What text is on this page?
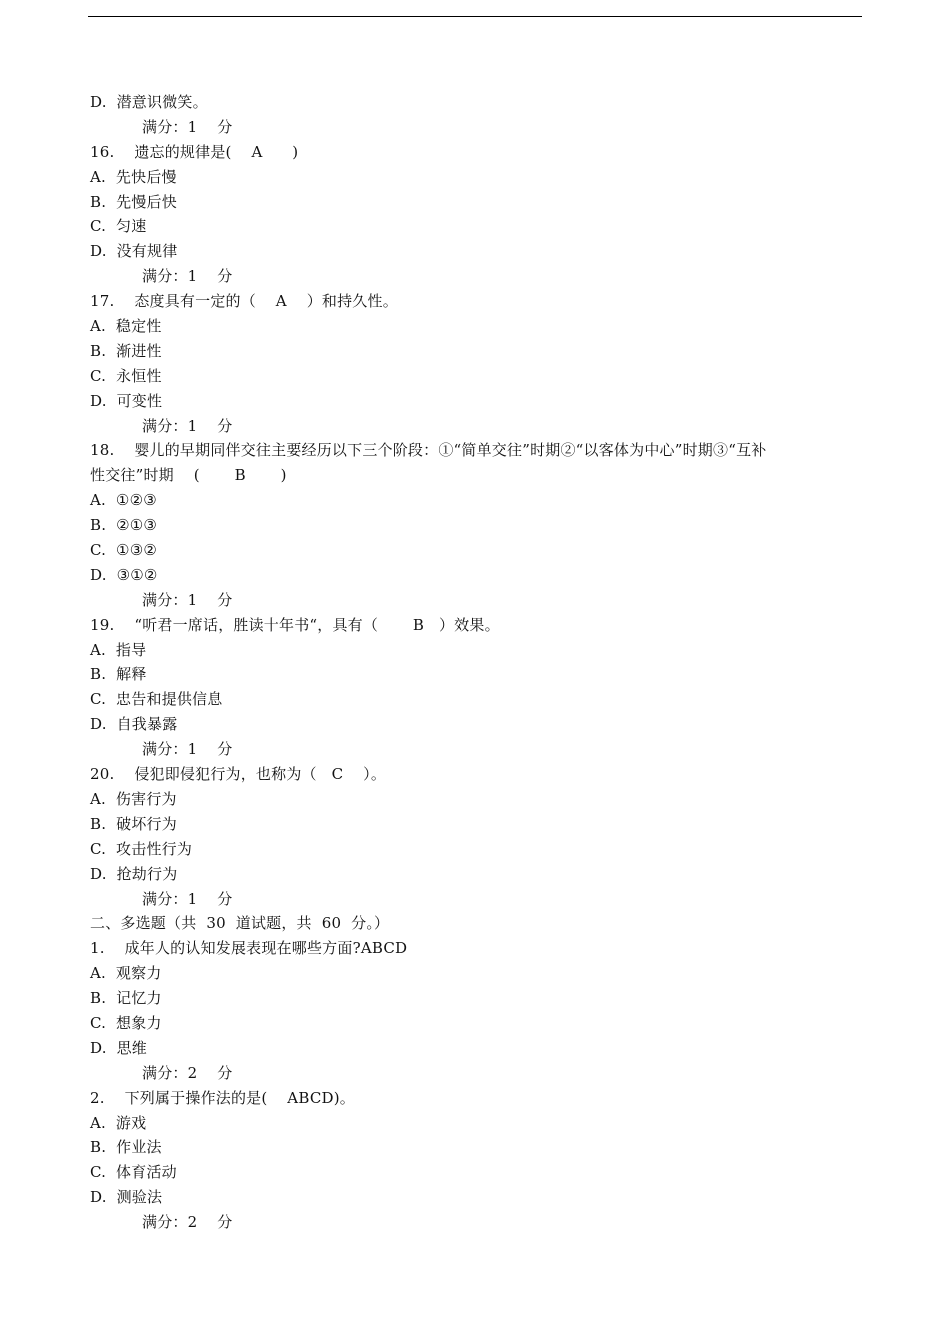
D.  潜意识微笑。
满分：1    分
16.    遗忘的规律是(    A      )
A.  先快后慢
B.  先慢后快
C.  匀速
D.  没有规律
满分：1    分
17.    态度具有一定的（    A    ）和持久性。
A.  稳定性
B.  渐进性
C.  永恒性
D.  可变性
满分：1    分
18.    婴儿的早期同伴交往主要经历以下三个阶段：①“简单交往”时期②“以客体为中心”时期③“互补
性交往”时期    (       B       )
A.  ①②③
B.  ②①③
C.  ①③②
D.  ③①②
满分：1    分
19.    “听君一席话，胜读十年书“，具有（       B   ）效果。
A.  指导
B.  解释
C.  忠告和提供信息
D.  自我暴露
满分：1    分
20.    侵犯即侵犯行为，也称为（   C    ）。
A.  伤害行为
B.  破坏行为
C.  攻击性行为
D.  抢劫行为
满分：1    分
二、多选题（共  30  道试题，共  60  分。）
1.    成年人的认知发展表现在哪些方面?ABCD
A.  观察力
B.  记忆力
C.  想象力
D.  思维
满分：2    分
2.    下列属于操作法的是(    ABCD)。
A.  游戏
B.  作业法
C.  体育活动
D.  测验法
满分：2    分
